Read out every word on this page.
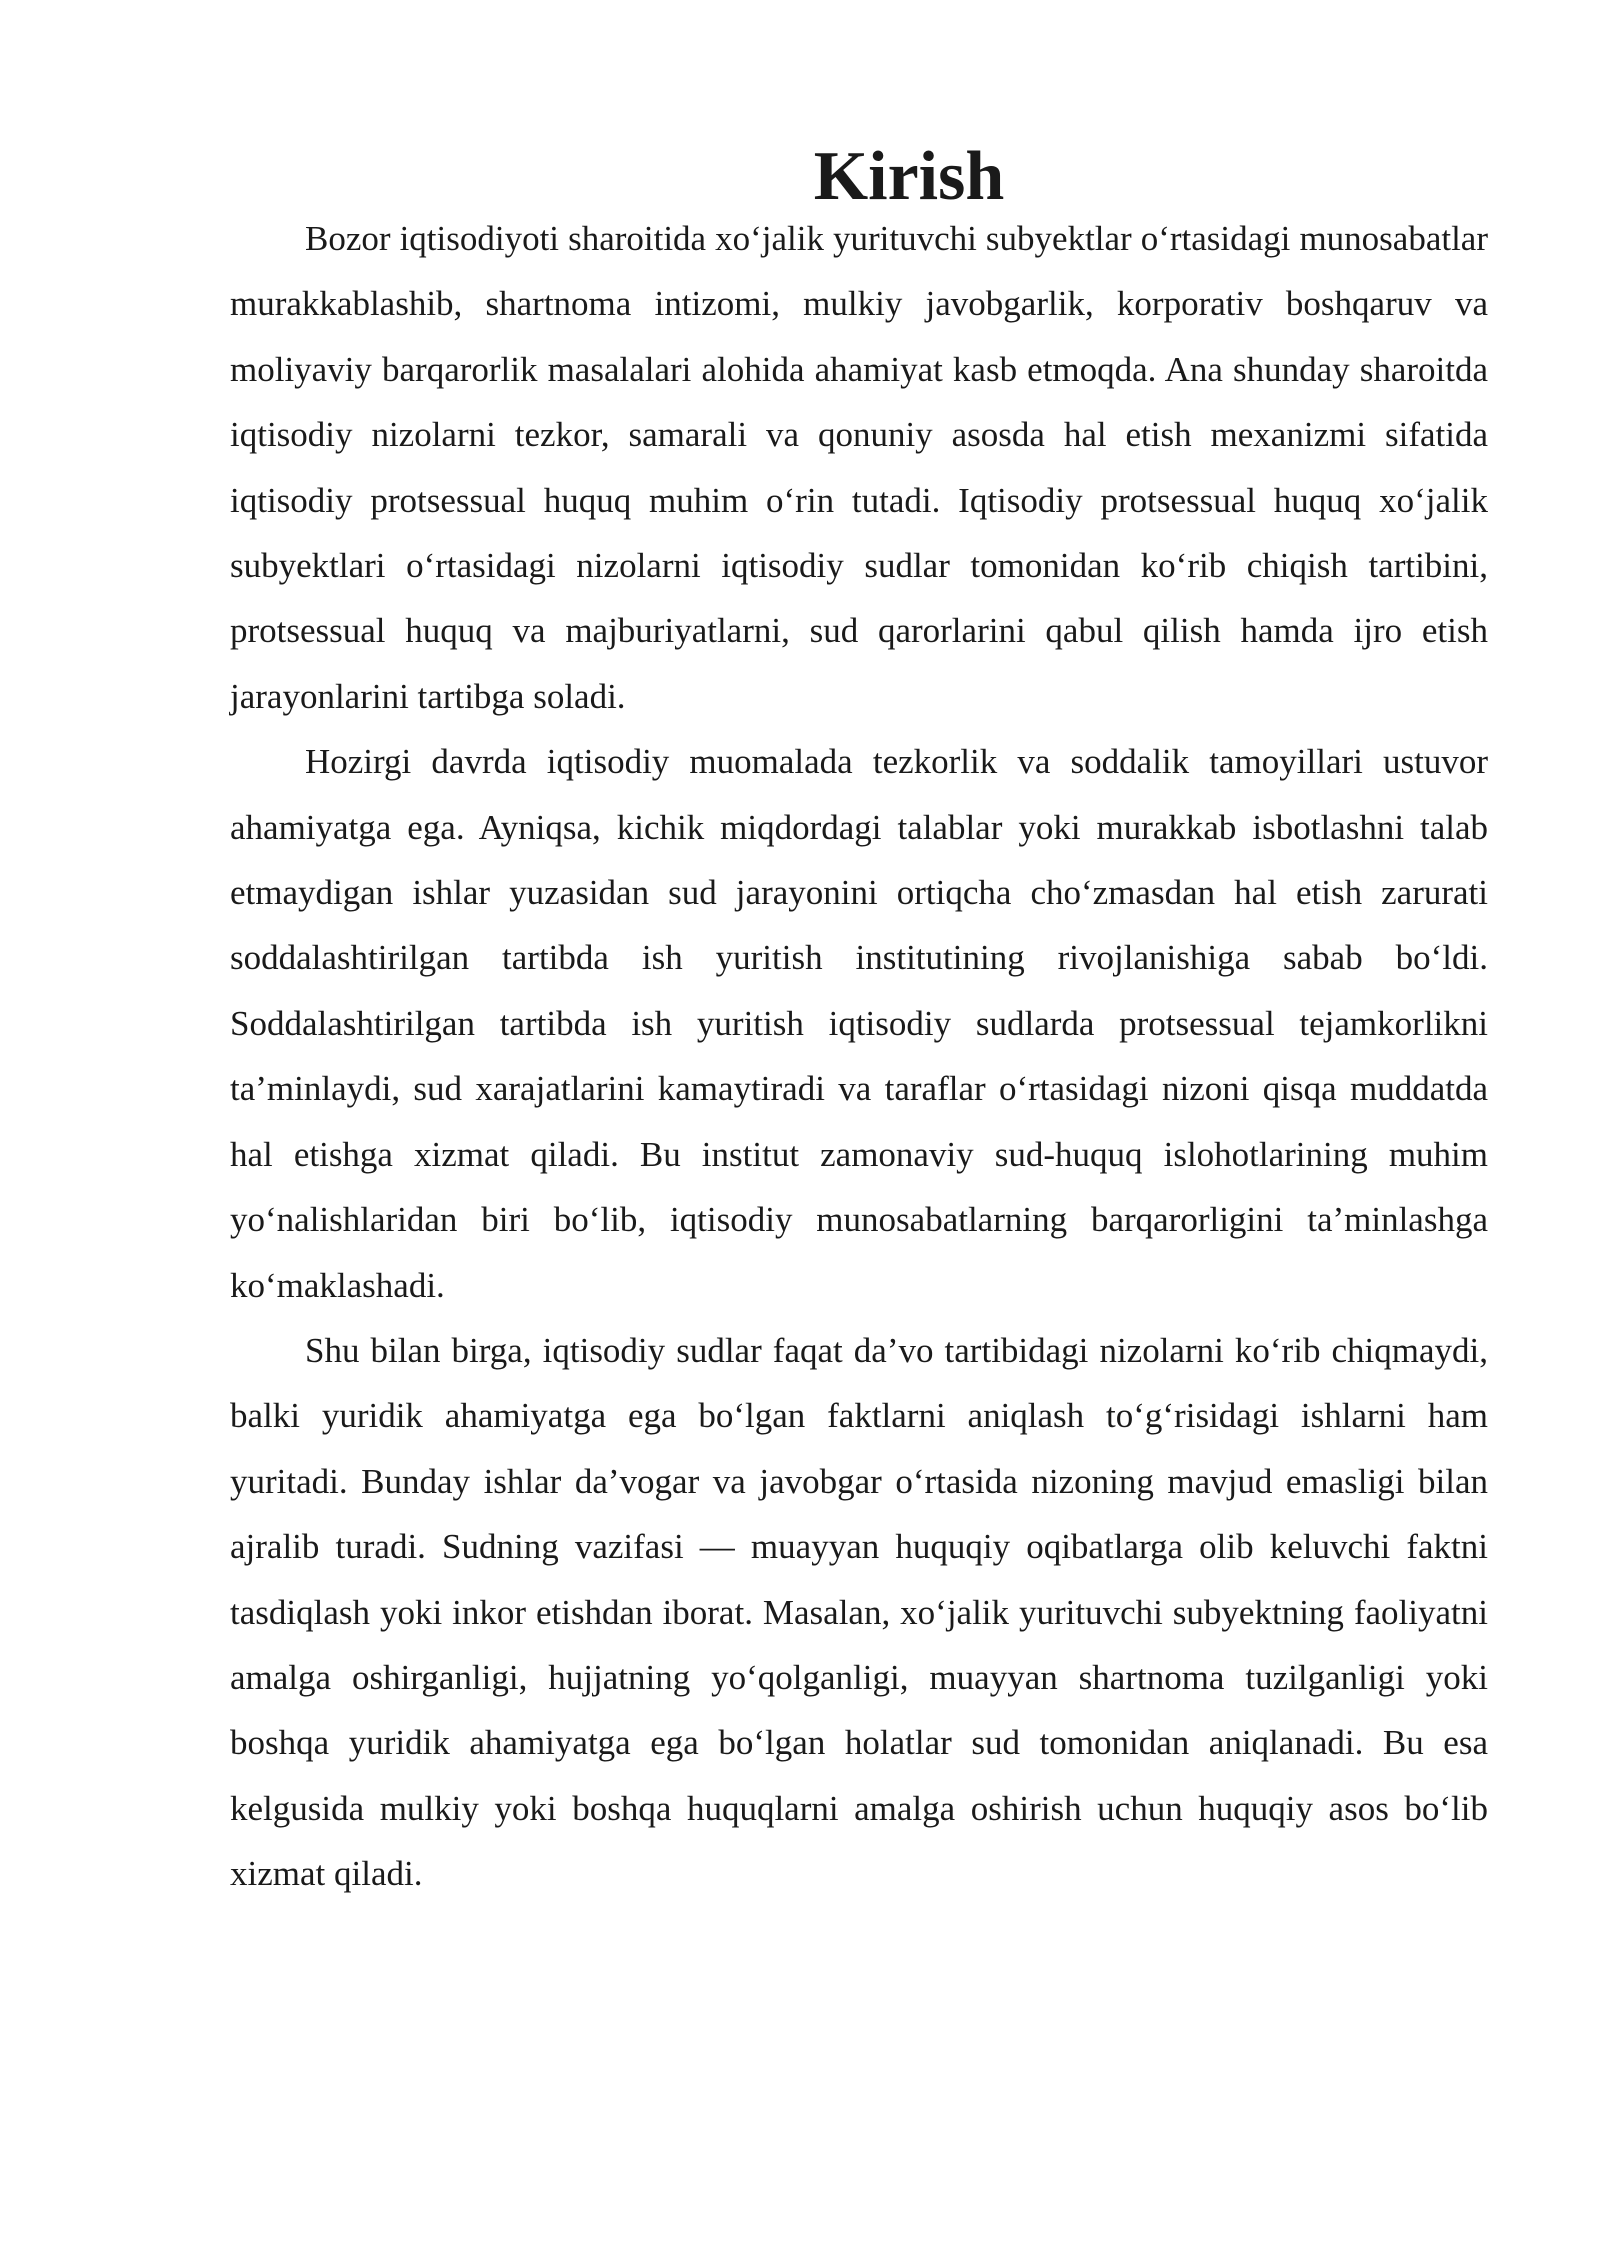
Kirish

Bozor iqtisodiyoti sharoitida xo‘jalik yurituvchi subyektlar o‘rtasidagi munosabatlar murakkablashib, shartnoma intizomi, mulkiy javobgarlik, korporativ boshqaruv va moliyaviy barqarorlik masalalari alohida ahamiyat kasb etmoqda. Ana shunday sharoitda iqtisodiy nizolarni tezkor, samarali va qonuniy asosda hal etish mexanizmi sifatida iqtisodiy protsessual huquq muhim o‘rin tutadi. Iqtisodiy protsessual huquq xo‘jalik subyektlari o‘rtasidagi nizolarni iqtisodiy sudlar tomonidan ko‘rib chiqish tartibini, protsessual huquq va majburiyatlarni, sud qarorlarini qabul qilish hamda ijro etish jarayonlarini tartibga soladi.

Hozirgi davrda iqtisodiy muomalada tezkorlik va soddalik tamoyillari ustuvor ahamiyatga ega. Ayniqsa, kichik miqdordagi talablar yoki murakkab isbotlashni talab etmaydigan ishlar yuzasidan sud jarayonini ortiqcha cho‘zmasdan hal etish zarurati soddalashtirilgan tartibda ish yuritish institutining rivojlanishiga sabab bo‘ldi. Soddalashtirilgan tartibda ish yuritish iqtisodiy sudlarda protsessual tejamkorlikni ta’minlaydi, sud xarajatlarini kamaytiradi va taraflar o‘rtasidagi nizoni qisqa muddatda hal etishga xizmat qiladi. Bu institut zamonaviy sud-huquq islohotlarining muhim yo‘nalishlaridan biri bo‘lib, iqtisodiy munosabatlarning barqarorligini ta’minlashga ko‘maklashadi.

Shu bilan birga, iqtisodiy sudlar faqat da’vo tartibidagi nizolarni ko‘rib chiqmaydi, balki yuridik ahamiyatga ega bo‘lgan faktlarni aniqlash to‘g‘risidagi ishlarni ham yuritadi. Bunday ishlar da’vogar va javobgar o‘rtasida nizoning mavjud emasligi bilan ajralib turadi. Sudning vazifasi — muayyan huquqiy oqibatlarga olib keluvchi faktni tasdiqlash yoki inkor etishdan iborat. Masalan, xo‘jalik yurituvchi subyektning faoliyatni amalga oshirganligi, hujjatning yo‘qolganligi, muayyan shartnoma tuzilganligi yoki boshqa yuridik ahamiyatga ega bo‘lgan holatlar sud tomonidan aniqlanadi. Bu esa kelgusida mulkiy yoki boshqa huquqlarni amalga oshirish uchun huquqiy asos bo‘lib xizmat qiladi.
